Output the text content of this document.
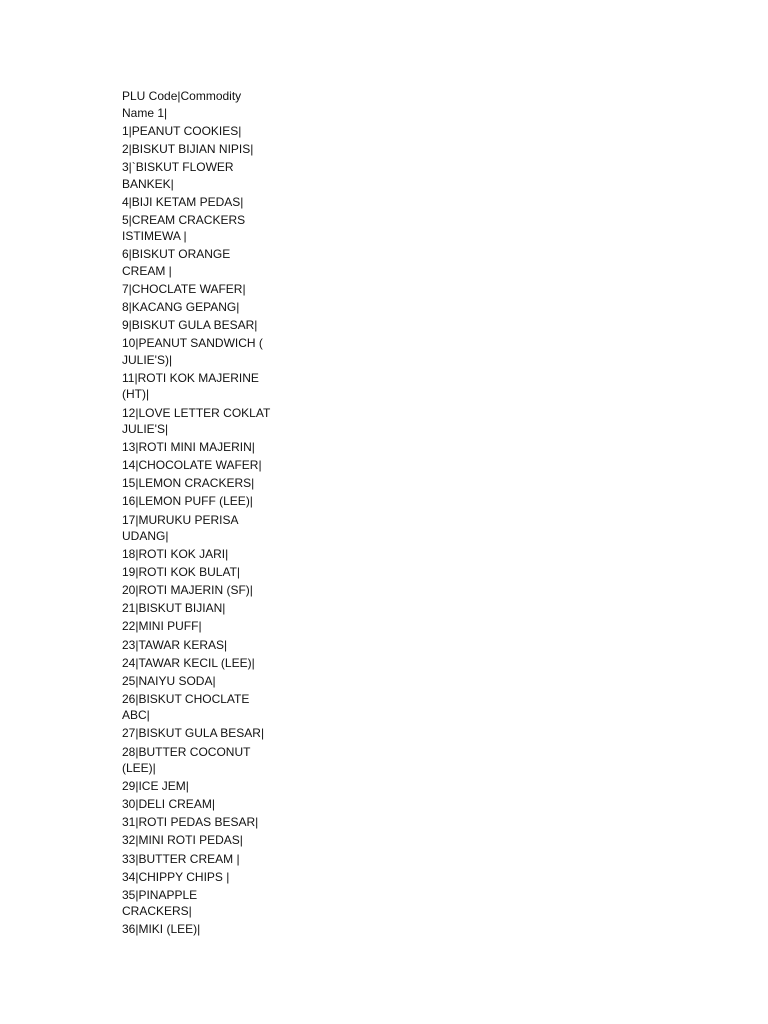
PLU Code|Commodity
Name 1|
1|PEANUT COOKIES|
2|BISKUT BIJIAN NIPIS|
3|`BISKUT FLOWER
BANKEK|
4|BIJI KETAM PEDAS|
5|CREAM CRACKERS
ISTIMEWA |
6|BISKUT ORANGE
CREAM |
7|CHOCLATE WAFER|
8|KACANG GEPANG|
9|BISKUT GULA BESAR|
10|PEANUT SANDWICH (
JULIE'S)|
11|ROTI KOK MAJERINE
(HT)|
12|LOVE LETTER COKLAT
JULIE'S|
13|ROTI MINI MAJERIN|
14|CHOCOLATE WAFER|
15|LEMON CRACKERS|
16|LEMON PUFF (LEE)|
17|MURUKU PERISA
UDANG|
18|ROTI KOK JARI|
19|ROTI KOK BULAT|
20|ROTI MAJERIN (SF)|
21|BISKUT BIJIAN|
22|MINI PUFF|
23|TAWAR KERAS|
24|TAWAR KECIL (LEE)|
25|NAIYU SODA|
26|BISKUT CHOCLATE
ABC|
27|BISKUT GULA BESAR|
28|BUTTER COCONUT
(LEE)|
29|ICE JEM|
30|DELI CREAM|
31|ROTI PEDAS BESAR|
32|MINI ROTI PEDAS|
33|BUTTER CREAM |
34|CHIPPY CHIPS |
35|PINAPPLE
CRACKERS|
36|MIKI (LEE)|
